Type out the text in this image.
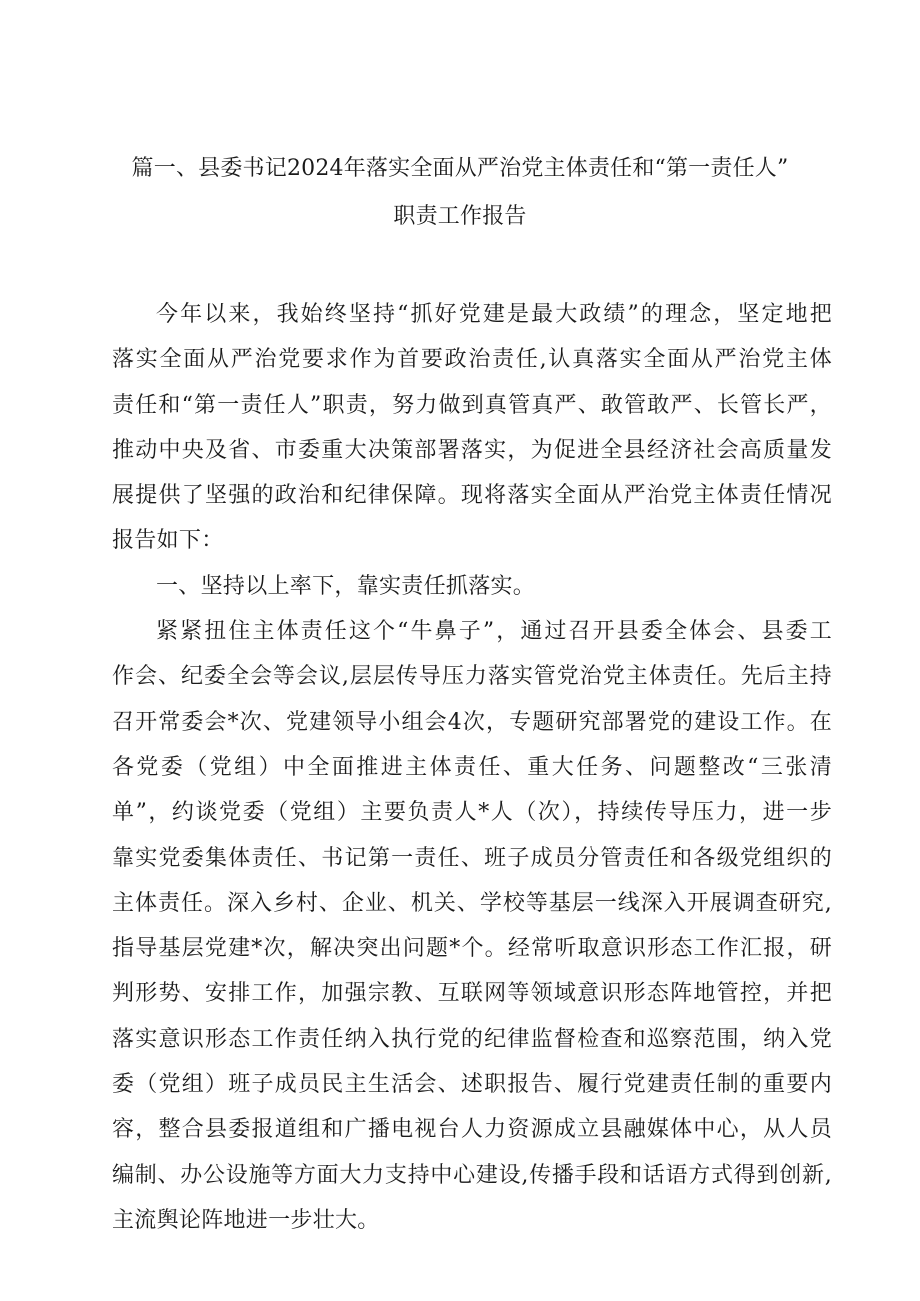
篇一、县委书记2024年落实全面从严治党主体责任和“第一责任人”
职责工作报告
今年以来，我始终坚持“抓好党建是最大政绩”的理念，坚定地把
落实全面从严治党要求作为首要政治责任,认真落实全面从严治党主体
责任和“第一责任人”职责，努力做到真管真严、敢管敢严、长管长严，
推动中央及省、市委重大决策部署落实，为促进全县经济社会高质量发
展提供了坚强的政治和纪律保障。现将落实全面从严治党主体责任情况
报告如下：
一、坚持以上率下，靠实责任抓落实。
紧紧扭住主体责任这个“牛鼻子”，通过召开县委全体会、县委工
作会、纪委全会等会议,层层传导压力落实管党治党主体责任。先后主持
召开常委会*次、党建领导小组会4次，专题研究部署党的建设工作。在
各党委（党组）中全面推进主体责任、重大任务、问题整改“三张清
单”，约谈党委（党组）主要负责人*人（次），持续传导压力，进一步
靠实党委集体责任、书记第一责任、班子成员分管责任和各级党组织的
主体责任。深入乡村、企业、机关、学校等基层一线深入开展调查研究,
指导基层党建*次，解决突出问题*个。经常听取意识形态工作汇报，研
判形势、安排工作，加强宗教、互联网等领域意识形态阵地管控，并把
落实意识形态工作责任纳入执行党的纪律监督检查和巡察范围，纳入党
委（党组）班子成员民主生活会、述职报告、履行党建责任制的重要内
容，整合县委报道组和广播电视台人力资源成立县融媒体中心，从人员
编制、办公设施等方面大力支持中心建设,传播手段和话语方式得到创新,
主流舆论阵地进一步壮大。
